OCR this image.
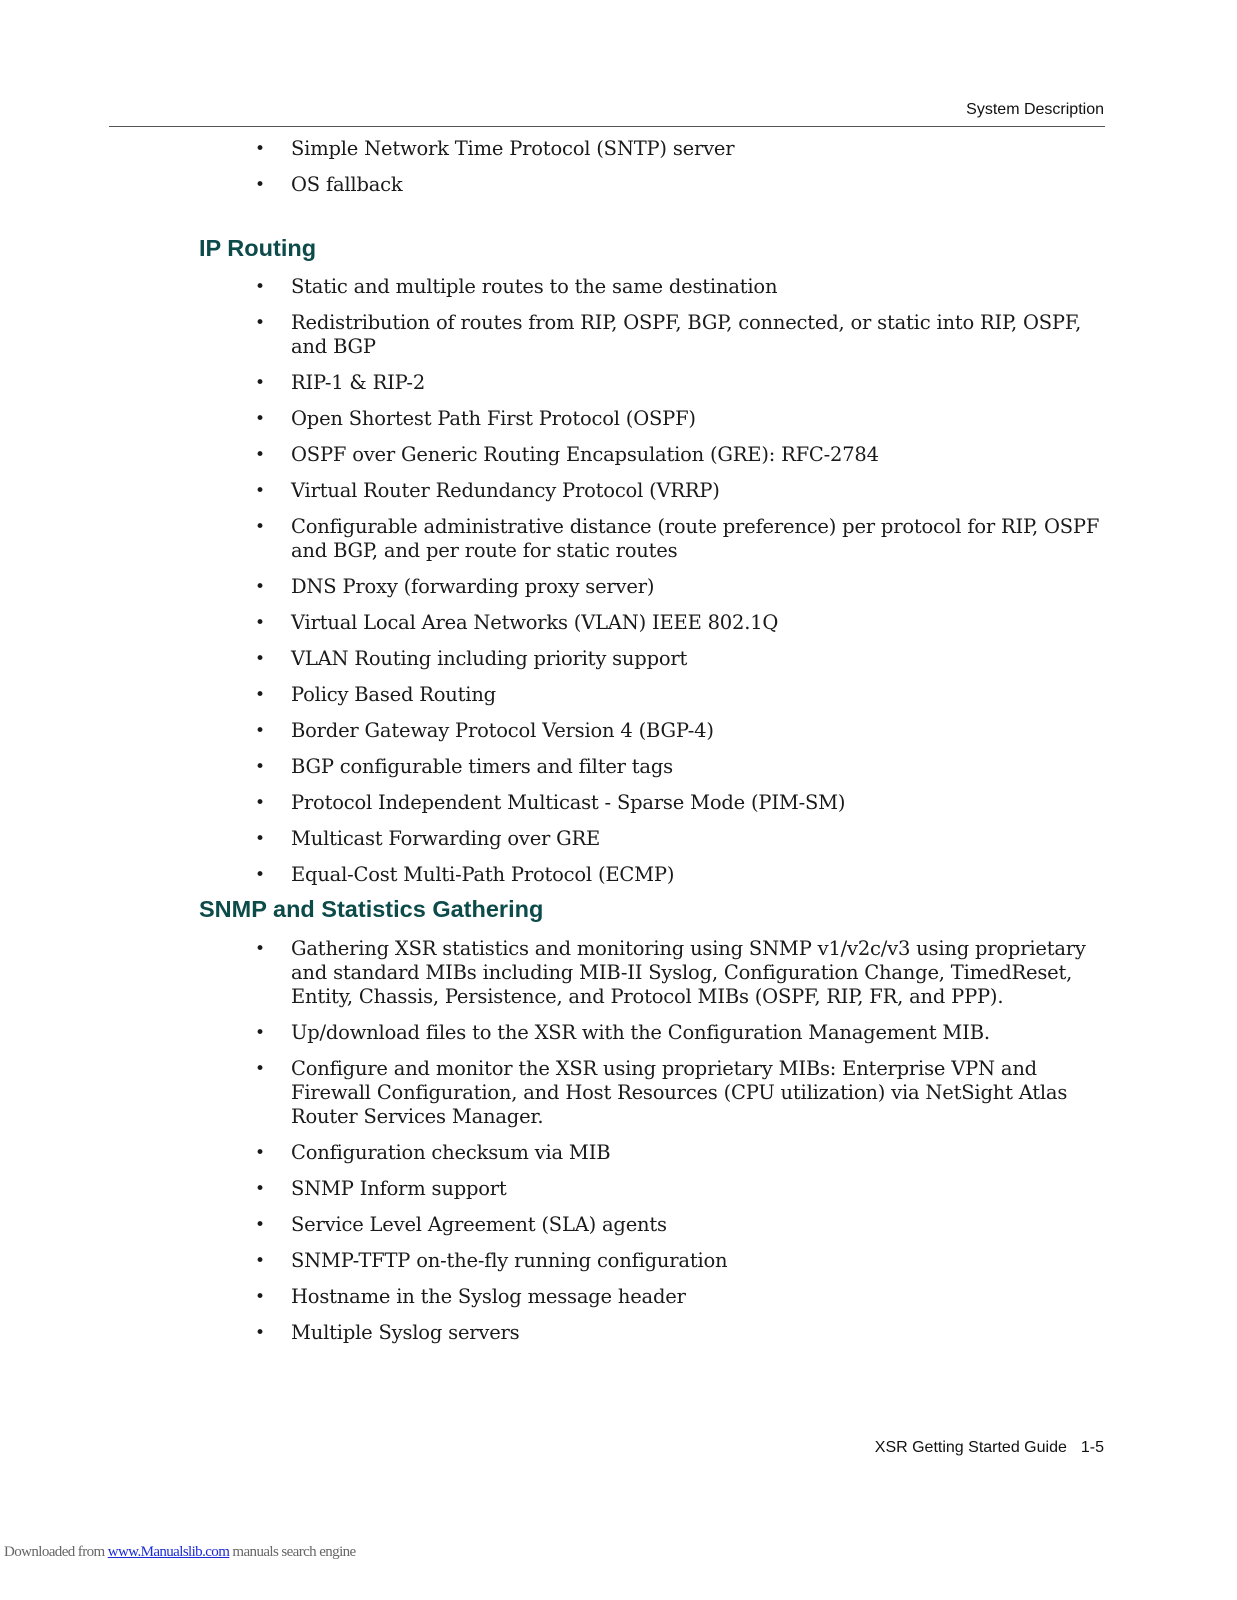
System Description
• Simple Network Time Protocol (SNTP) server
• OS fallback
IP Routing
• Static and multiple routes to the same destination
• Redistribution of routes from RIP, OSPF, BGP, connected, or static into RIP, OSPF, and BGP
• RIP-1 & RIP-2
• Open Shortest Path First Protocol (OSPF)
• OSPF over Generic Routing Encapsulation (GRE): RFC-2784
• Virtual Router Redundancy Protocol (VRRP)
• Configurable administrative distance (route preference) per protocol for RIP, OSPF and BGP, and per route for static routes
• DNS Proxy (forwarding proxy server)
• Virtual Local Area Networks (VLAN) IEEE 802.1Q
• VLAN Routing including priority support
• Policy Based Routing
• Border Gateway Protocol Version 4 (BGP-4)
• BGP configurable timers and filter tags
• Protocol Independent Multicast - Sparse Mode (PIM-SM)
• Multicast Forwarding over GRE
• Equal-Cost Multi-Path Protocol (ECMP)
SNMP and Statistics Gathering
• Gathering XSR statistics and monitoring using SNMP v1/v2c/v3 using proprietary and standard MIBs including MIB-II Syslog, Configuration Change, TimedReset, Entity, Chassis, Persistence, and Protocol MIBs (OSPF, RIP, FR, and PPP).
• Up/download files to the XSR with the Configuration Management MIB.
• Configure and monitor the XSR using proprietary MIBs: Enterprise VPN and Firewall Configuration, and Host Resources (CPU utilization) via NetSight Atlas Router Services Manager.
• Configuration checksum via MIB
• SNMP Inform support
• Service Level Agreement (SLA) agents
• SNMP-TFTP on-the-fly running configuration
• Hostname in the Syslog message header
• Multiple Syslog servers
XSR Getting Started Guide 1-5
Downloaded from www.Manualslib.com manuals search engine
